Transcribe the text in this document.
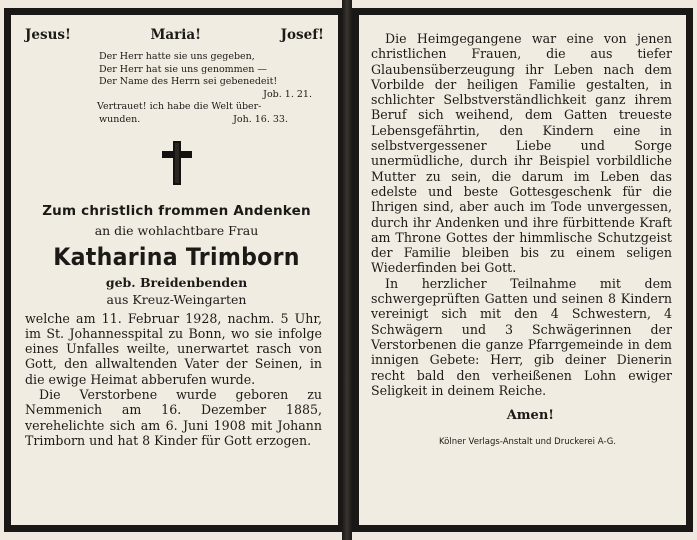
Jesus!	Maria!	Josef!
Der Herr hatte sie uns gegeben,
Der Herr hat sie uns genommen —
Der Name des Herrn sei gebenedeit!
Job. 1. 21.
Vertrauet! ich habe die Welt über-
wunden.	Joh. 16. 33.
Zum christlich frommen Andenken
an die wohlachtbare Frau
Katharina Trimborn
geb. Breidenbenden
aus Kreuz-Weingarten

welche am 11. Februar 1928, nachm. 5 Uhr, im St. Johannesspital zu Bonn, wo sie infolge eines Unfalles weilte, unerwartet rasch von Gott, den allwaltenden Vater der Seinen, in die ewige Heimat abberufen wurde.

Die Verstorbene wurde geboren zu Nemmenich am 16. Dezember 1885, verehelichte sich am 6. Juni 1908 mit Johann Trimborn und hat 8 Kinder für Gott erzogen.

Die Heimgegangene war eine von jenen christlichen Frauen, die aus tiefer Glaubensüberzeugung ihr Leben nach dem Vorbilde der heiligen Familie gestalten, in schlichter Selbstverständlichkeit ganz ihrem Beruf sich weihend, dem Gatten treueste Lebensgefährtin, den Kindern eine in selbstvergessener Liebe und Sorge unermüdliche, durch ihr Beispiel vorbildliche Mutter zu sein, die darum im Leben das edelste und beste Gottesgeschenk für die Ihrigen sind, aber auch im Tode unvergessen, durch ihr Andenken und ihre fürbittende Kraft am Throne Gottes der himmlische Schutzgeist der Familie bleiben bis zu einem seligen Wiederfinden bei Gott.

In herzlicher Teilnahme mit dem schwergeprüften Gatten und seinen 8 Kindern vereinigt sich mit den 4 Schwestern, 4 Schwägern und 3 Schwägerinnen der Verstorbenen die ganze Pfarrgemeinde in dem innigen Gebete: Herr, gib deiner Dienerin recht bald den verheißenen Lohn ewiger Seligkeit in deinem Reiche.

Amen!
Kölner Verlags-Anstalt und Druckerei A-G.
